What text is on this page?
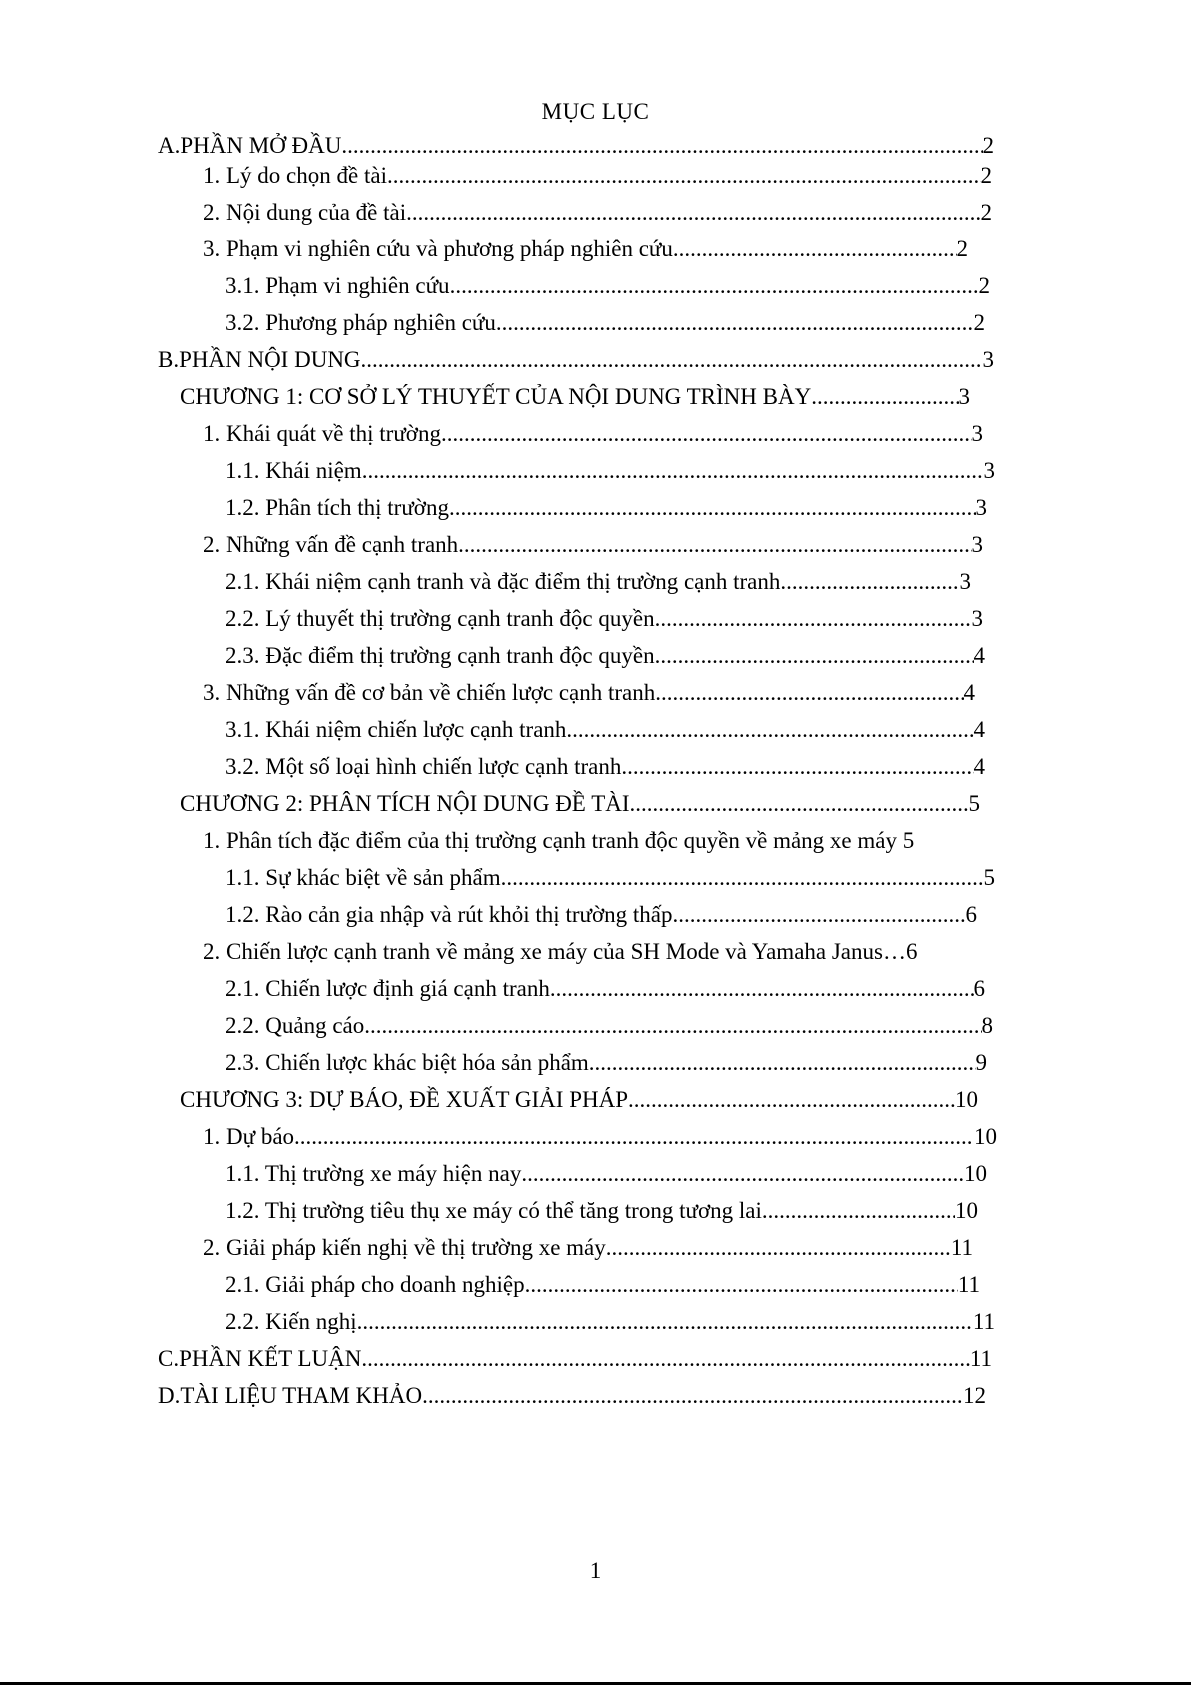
MỤC LỤC
A. PHẦN MỞ ĐẦU .....	2
1. Lý do chọn đề tài .....	2
2. Nội dung của đề tài .....	2
3. Phạm vi nghiên cứu và phương pháp nghiên cứu .....	2
3.1. Phạm vi nghiên cứu .....	2
3.2. Phương pháp nghiên cứu .....	2
B. PHẦN NỘI DUNG .....	3
CHƯƠNG 1: CƠ SỞ LÝ THUYẾT CỦA NỘI DUNG TRÌNH BÀY .....	3
1. Khái quát về thị trường .....	3
1.1. Khái niệm .....	3
1.2. Phân tích thị trường .....	3
2. Những vấn đề cạnh tranh .....	3
2.1. Khái niệm cạnh tranh và đặc điểm thị trường cạnh tranh .....	3
2.2. Lý thuyết thị trường cạnh tranh độc quyền .....	3
2.3. Đặc điểm thị trường cạnh tranh độc quyền .....	4
3. Những vấn đề cơ bản về chiến lược cạnh tranh .....	4
3.1. Khái niệm chiến lược cạnh tranh .....	4
3.2. Một số loại hình chiến lược cạnh tranh .....	4
CHƯƠNG 2: PHÂN TÍCH NỘI DUNG ĐỀ TÀI .....	5
1. Phân tích đặc điểm của thị trường cạnh tranh độc quyền về mảng xe máy 5
1.1. Sự khác biệt về sản phẩm .....	5
1.2. Rào cản gia nhập và rút khỏi thị trường thấp .....	6
2. Chiến lược cạnh tranh về mảng xe máy của SH Mode và Yamaha Janus…6
2.1. Chiến lược định giá cạnh tranh .....	6
2.2. Quảng cáo .....	8
2.3. Chiến lược khác biệt hóa sản phẩm .....	9
CHƯƠNG 3: DỰ BÁO, ĐỀ XUẤT GIẢI PHÁP .....	10
1. Dự báo .....	10
1.1. Thị trường xe máy hiện nay .....	10
1.2. Thị trường tiêu thụ xe máy có thể tăng trong tương lai .....	10
2. Giải pháp kiến nghị về thị trường xe máy .....	11
2.1. Giải pháp cho doanh nghiệp .....	11
2.2. Kiến nghị .....	11
C. PHẦN KẾT LUẬN .....	11
D. TÀI LIỆU THAM KHẢO .....	12
1
